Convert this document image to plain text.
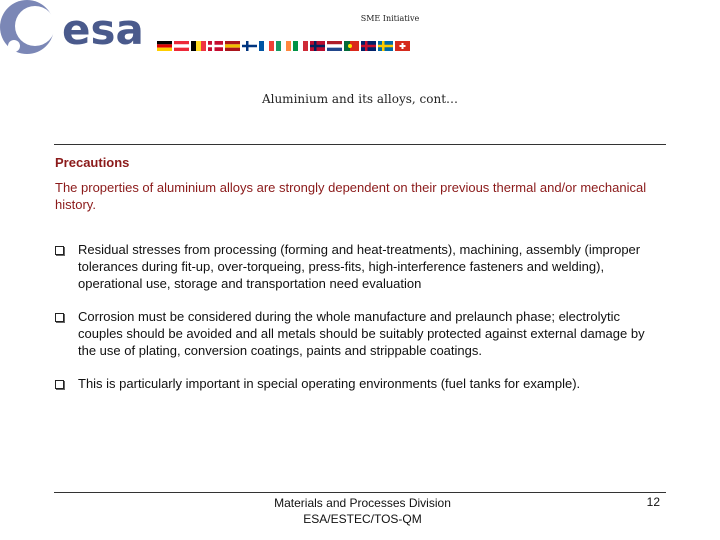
esa	SME Initiative
Aluminium and its alloys, cont…
Precautions
The properties of aluminium alloys are strongly dependent on their previous thermal and/or mechanical history.
Residual stresses from processing (forming and heat-treatments), machining, assembly (improper tolerances during fit-up, over-torqueing, press-fits, high-interference fasteners and welding), operational use, storage and transportation need evaluation
Corrosion must be considered during the whole manufacture and prelaunch phase; electrolytic couples should be avoided and all metals should be suitably protected against external damage by the use of plating, conversion coatings, paints and strippable coatings.
This is particularly important in special operating environments (fuel tanks for example).
Materials and Processes Division
ESA/ESTEC/TOS-QM
12
